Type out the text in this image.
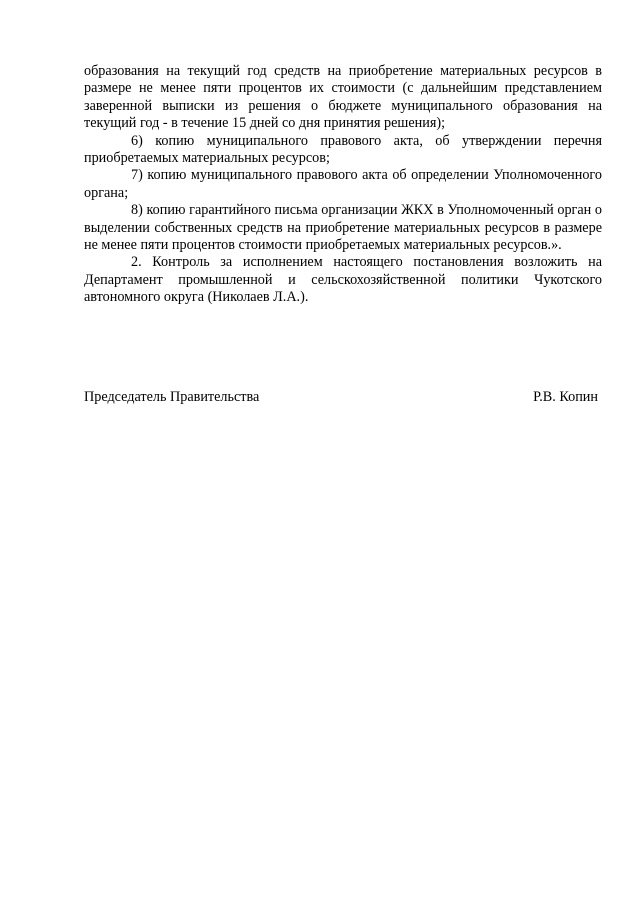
образования на текущий год средств на приобретение материальных ресурсов в размере не менее пяти процентов их стоимости (с дальнейшим представлением заверенной выписки из решения о бюджете муниципального образования на текущий год - в течение 15 дней со дня принятия решения);

6) копию муниципального правового акта, об утверждении перечня приобретаемых материальных ресурсов;

7) копию муниципального правового акта об определении Уполномоченного органа;

8) копию гарантийного письма организации ЖКХ в Уполномоченный орган о выделении собственных средств на приобретение материальных ресурсов в размере не менее пяти процентов стоимости приобретаемых материальных ресурсов.».

2. Контроль за исполнением настоящего постановления возложить на Департамент промышленной и сельскохозяйственной политики Чукотского автономного округа (Николаев Л.А.).

Председатель Правительства	Р.В. Копин
